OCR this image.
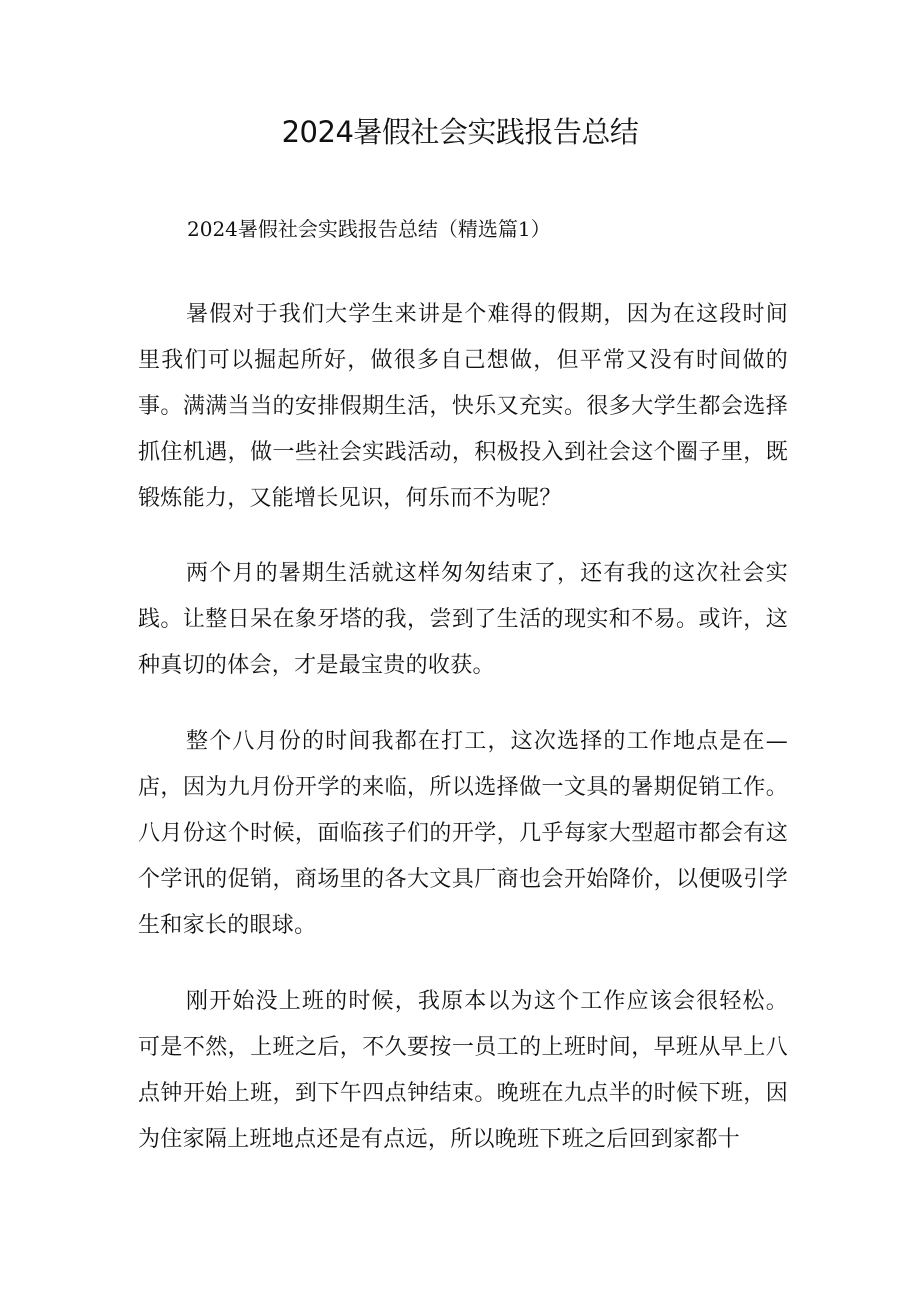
2024暑假社会实践报告总结

2024暑假社会实践报告总结（精选篇1）

暑假对于我们大学生来讲是个难得的假期，因为在这段时间里我们可以掘起所好，做很多自己想做，但平常又没有时间做的事。满满当当的安排假期生活，快乐又充实。很多大学生都会选择抓住机遇，做一些社会实践活动，积极投入到社会这个圈子里，既锻炼能力，又能增长见识，何乐而不为呢？

两个月的暑期生活就这样匆匆结束了，还有我的这次社会实践。让整日呆在象牙塔的我，尝到了生活的现实和不易。或许，这种真切的体会，才是最宝贵的收获。

整个八月份的时间我都在打工，这次选择的工作地点是在—店，因为九月份开学的来临，所以选择做一文具的暑期促销工作。八月份这个时候，面临孩子们的开学，几乎每家大型超市都会有这个学讯的促销，商场里的各大文具厂商也会开始降价，以便吸引学生和家长的眼球。

刚开始没上班的时候，我原本以为这个工作应该会很轻松。可是不然，上班之后，不久要按一员工的上班时间，早班从早上八点钟开始上班，到下午四点钟结束。晚班在九点半的时候下班，因为住家隔上班地点还是有点远，所以晚班下班之后回到家都十
